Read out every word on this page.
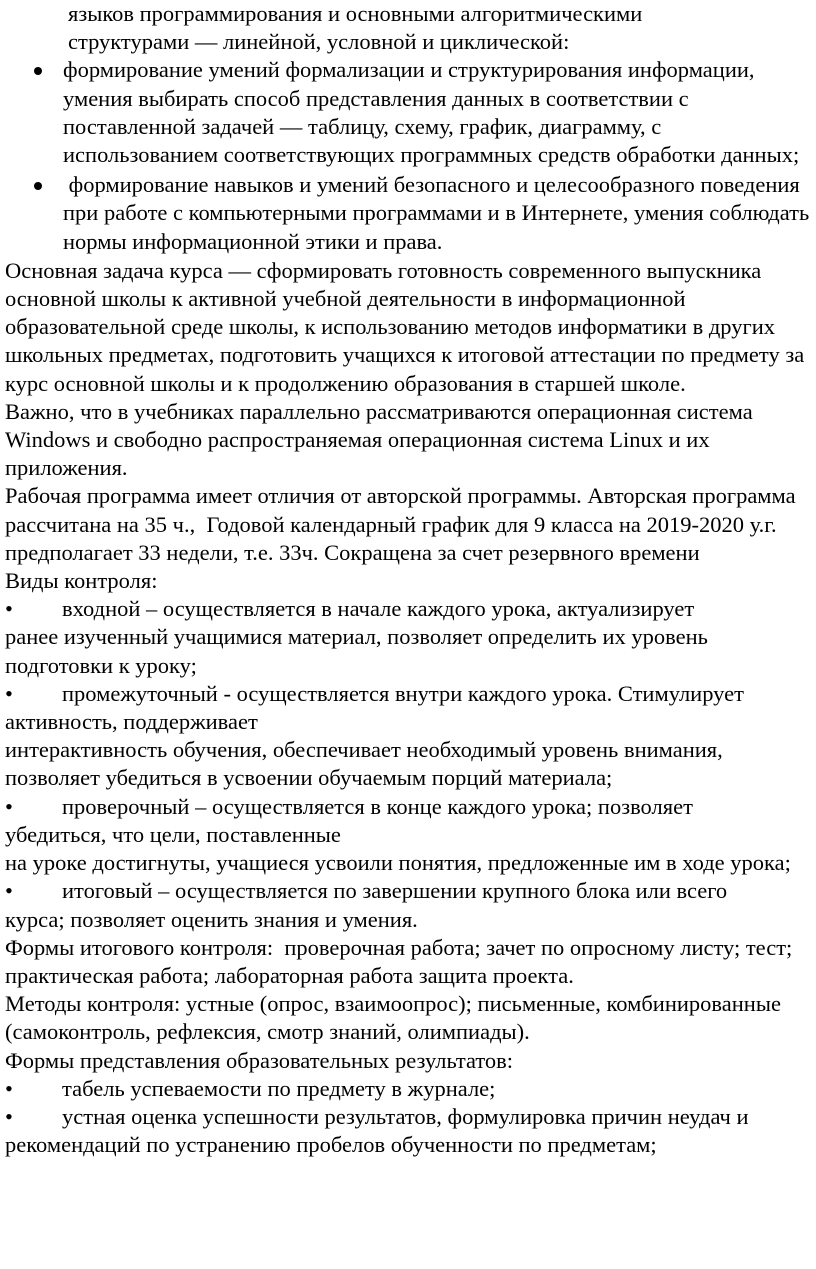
языков программирования и основными алгоритмическими
структурами — линейной, условной и циклической:
формирование умений формализации и структурирования информации, умения выбирать способ представления данных в соответствии с поставленной задачей — таблицу, схему, график, диаграмму, с использованием соответствующих программных средств обработки данных;
формирование навыков и умений безопасного и целесообразного поведения при работе с компьютерными программами и в Интернете, умения соблюдать нормы информационной этики и права.

Основная задача курса — сформировать готовность современного выпускника основной школы к активной учебной деятельности в информационной образовательной среде школы, к использованию методов информатики в других школьных предметах, подготовить учащихся к итоговой аттестации по предмету за курс основной школы и к продолжению образования в старшей школе.

Важно, что в учебниках параллельно рассматриваются операционная система Windows и свободно распространяемая операционная система Linux и их приложения.

Рабочая программа имеет отличия от авторской программы. Авторская программа рассчитана на 35 ч.,  Годовой календарный график для 9 класса на 2019-2020 у.г. предполагает 33 недели, т.е. 33ч. Сокращена за счет резервного времени

Виды контроля:

• входной – осуществляется в начале каждого урока, актуализирует

ранее изученный учащимися материал, позволяет определить их уровень подготовки к уроку;

• промежуточный - осуществляется внутри каждого урока. Стимулирует

активность, поддерживает

интерактивность обучения, обеспечивает необходимый уровень внимания, позволяет убедиться в усвоении обучаемым порций материала;

• проверочный – осуществляется в конце каждого урока; позволяет

убедиться, что цели, поставленные

на уроке достигнуты, учащиеся усвоили понятия, предложенные им в ходе урока;

• итоговый – осуществляется по завершении крупного блока или всего

курса; позволяет оценить знания и умения.

Формы итогового контроля:  проверочная работа; зачет по опросному листу; тест; практическая работа; лабораторная работа защита проекта.

Методы контроля: устные (опрос, взаимоопрос); письменные, комбинированные (самоконтроль, рефлексия, смотр знаний, олимпиады).

Формы представления образовательных результатов:

• табель успеваемости по предмету в журнале;

• устная оценка успешности результатов, формулировка причин неудач и

рекомендаций по устранению пробелов обученности по предметам;
